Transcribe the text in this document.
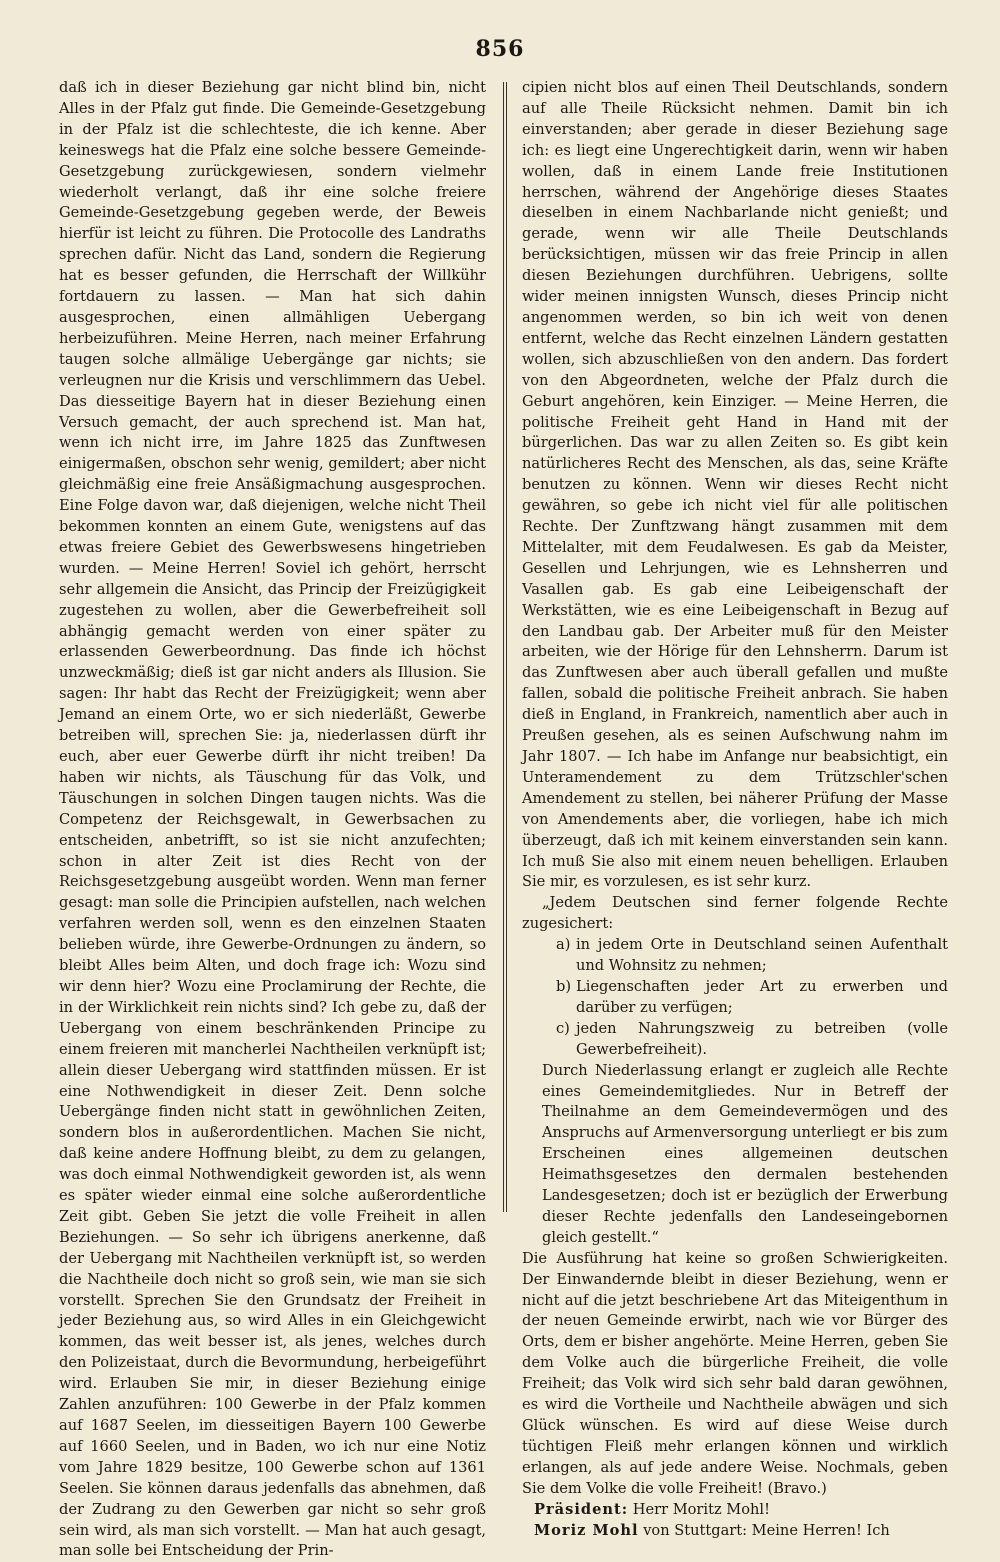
856

daß ich in dieser Beziehung gar nicht blind bin, nicht Alles in der Pfalz gut finde. Die Gemeinde-Gesetzgebung in der Pfalz ist die schlechteste, die ich kenne. Aber keineswegs hat die Pfalz eine solche bessere Gemeinde-Gesetzgebung zurückgewiesen, sondern vielmehr wiederholt verlangt, daß ihr eine solche freiere Gemeinde-Gesetzgebung gegeben werde, der Beweis hierfür ist leicht zu führen. Die Protocolle des Landraths sprechen dafür. Nicht das Land, sondern die Regierung hat es besser gefunden, die Herrschaft der Willkühr fortdauern zu lassen. — Man hat sich dahin ausgesprochen, einen allmähligen Uebergang herbeizuführen. Meine Herren, nach meiner Erfahrung taugen solche allmälige Uebergänge gar nichts; sie verleugnen nur die Krisis und verschlimmern das Uebel. Das diesseitige Bayern hat in dieser Beziehung einen Versuch gemacht, der auch sprechend ist. Man hat, wenn ich nicht irre, im Jahre 1825 das Zunftwesen einigermaßen, obschon sehr wenig, gemildert; aber nicht gleichmäßig eine freie Ansäßigmachung ausgesprochen. Eine Folge davon war, daß diejenigen, welche nicht Theil bekommen konnten an einem Gute, wenigstens auf das etwas freiere Gebiet des Gewerbswesens hingetrieben wurden. — Meine Herren! Soviel ich gehört, herrscht sehr allgemein die Ansicht, das Princip der Freizügigkeit zugestehen zu wollen, aber die Gewerbefreiheit soll abhängig gemacht werden von einer später zu erlassenden Gewerbeordnung. Das finde ich höchst unzweckmäßig; dieß ist gar nicht anders als Illusion. Sie sagen: Ihr habt das Recht der Freizügigkeit; wenn aber Jemand an einem Orte, wo er sich niederläßt, Gewerbe betreiben will, sprechen Sie: ja, niederlassen dürft ihr euch, aber euer Gewerbe dürft ihr nicht treiben! Da haben wir nichts, als Täuschung für das Volk, und Täuschungen in solchen Dingen taugen nichts. Was die Competenz der Reichsgewalt, in Gewerbsachen zu entscheiden, anbetrifft, so ist sie nicht anzufechten; schon in alter Zeit ist dies Recht von der Reichsgesetzgebung ausgeübt worden. Wenn man ferner gesagt: man solle die Principien aufstellen, nach welchen verfahren werden soll, wenn es den einzelnen Staaten belieben würde, ihre Gewerbe-Ordnungen zu ändern, so bleibt Alles beim Alten, und doch frage ich: Wozu sind wir denn hier? Wozu eine Proclamirung der Rechte, die in der Wirklichkeit rein nichts sind? Ich gebe zu, daß der Uebergang von einem beschränkenden Principe zu einem freieren mit mancherlei Nachtheilen verknüpft ist; allein dieser Uebergang wird stattfinden müssen. Er ist eine Nothwendigkeit in dieser Zeit. Denn solche Uebergänge finden nicht statt in gewöhnlichen Zeiten, sondern blos in außerordentlichen. Machen Sie nicht, daß keine andere Hoffnung bleibt, zu dem zu gelangen, was doch einmal Nothwendigkeit geworden ist, als wenn es später wieder einmal eine solche außerordentliche Zeit gibt. Geben Sie jetzt die volle Freiheit in allen Beziehungen. — So sehr ich übrigens anerkenne, daß der Uebergang mit Nachtheilen verknüpft ist, so werden die Nachtheile doch nicht so groß sein, wie man sie sich vorstellt. Sprechen Sie den Grundsatz der Freiheit in jeder Beziehung aus, so wird Alles in ein Gleichgewicht kommen, das weit besser ist, als jenes, welches durch den Polizeistaat, durch die Bevormundung, herbeigeführt wird. Erlauben Sie mir, in dieser Beziehung einige Zahlen anzuführen: 100 Gewerbe in der Pfalz kommen auf 1687 Seelen, im diesseitigen Bayern 100 Gewerbe auf 1660 Seelen, und in Baden, wo ich nur eine Notiz vom Jahre 1829 besitze, 100 Gewerbe schon auf 1361 Seelen. Sie können daraus jedenfalls das abnehmen, daß der Zudrang zu den Gewerben gar nicht so sehr groß sein wird, als man sich vorstellt. — Man hat auch gesagt, man solle bei Entscheidung der Prin-

cipien nicht blos auf einen Theil Deutschlands, sondern auf alle Theile Rücksicht nehmen. Damit bin ich einverstanden; aber gerade in dieser Beziehung sage ich: es liegt eine Ungerechtigkeit darin, wenn wir haben wollen, daß in einem Lande freie Institutionen herrschen, während der Angehörige dieses Staates dieselben in einem Nachbarlande nicht genießt; und gerade, wenn wir alle Theile Deutschlands berücksichtigen, müssen wir das freie Princip in allen diesen Beziehungen durchführen. Uebrigens, sollte wider meinen innigsten Wunsch, dieses Princip nicht angenommen werden, so bin ich weit von denen entfernt, welche das Recht einzelnen Ländern gestatten wollen, sich abzuschließen von den andern. Das fordert von den Abgeordneten, welche der Pfalz durch die Geburt angehören, kein Einziger. — Meine Herren, die politische Freiheit geht Hand in Hand mit der bürgerlichen. Das war zu allen Zeiten so. Es gibt kein natürlicheres Recht des Menschen, als das, seine Kräfte benutzen zu können. Wenn wir dieses Recht nicht gewähren, so gebe ich nicht viel für alle politischen Rechte. Der Zunftzwang hängt zusammen mit dem Mittelalter, mit dem Feudalwesen. Es gab da Meister, Gesellen und Lehrjungen, wie es Lehnsherren und Vasallen gab. Es gab eine Leibeigenschaft der Werkstätten, wie es eine Leibeigenschaft in Bezug auf den Landbau gab. Der Arbeiter muß für den Meister arbeiten, wie der Hörige für den Lehnsherrn. Darum ist das Zunftwesen aber auch überall gefallen und mußte fallen, sobald die politische Freiheit anbrach. Sie haben dieß in England, in Frankreich, namentlich aber auch in Preußen gesehen, als es seinen Aufschwung nahm im Jahr 1807. — Ich habe im Anfange nur beabsichtigt, ein Unteramendement zu dem Trützschler'schen Amendement zu stellen, bei näherer Prüfung der Masse von Amendements aber, die vorliegen, habe ich mich überzeugt, daß ich mit keinem einverstanden sein kann. Ich muß Sie also mit einem neuen behelligen. Erlauben Sie mir, es vorzulesen, es ist sehr kurz.

„Jedem Deutschen sind ferner folgende Rechte zugesichert:

a) in jedem Orte in Deutschland seinen Aufenthalt und Wohnsitz zu nehmen;
b) Liegenschaften jeder Art zu erwerben und darüber zu verfügen;
c) jeden Nahrungszweig zu betreiben (volle Gewerbefreiheit).

Durch Niederlassung erlangt er zugleich alle Rechte eines Gemeindemitgliedes. Nur in Betreff der Theilnahme an dem Gemeindevermögen und des Anspruchs auf Armenversorgung unterliegt er bis zum Erscheinen eines allgemeinen deutschen Heimathsgesetzes den dermalen bestehenden Landesgesetzen; doch ist er bezüglich der Erwerbung dieser Rechte jedenfalls den Landeseingebornen gleich gestellt.“

Die Ausführung hat keine so großen Schwierigkeiten. Der Einwandernde bleibt in dieser Beziehung, wenn er nicht auf die jetzt beschriebene Art das Miteigenthum in der neuen Gemeinde erwirbt, nach wie vor Bürger des Orts, dem er bisher angehörte. Meine Herren, geben Sie dem Volke auch die bürgerliche Freiheit, die volle Freiheit; das Volk wird sich sehr bald daran gewöhnen, es wird die Vortheile und Nachtheile abwägen und sich Glück wünschen. Es wird auf diese Weise durch tüchtigen Fleiß mehr erlangen können und wirklich erlangen, als auf jede andere Weise. Nochmals, geben Sie dem Volke die volle Freiheit! (Bravo.)

Präsident: Herr Moritz Mohl!

Moriz Mohl von Stuttgart: Meine Herren! Ich
